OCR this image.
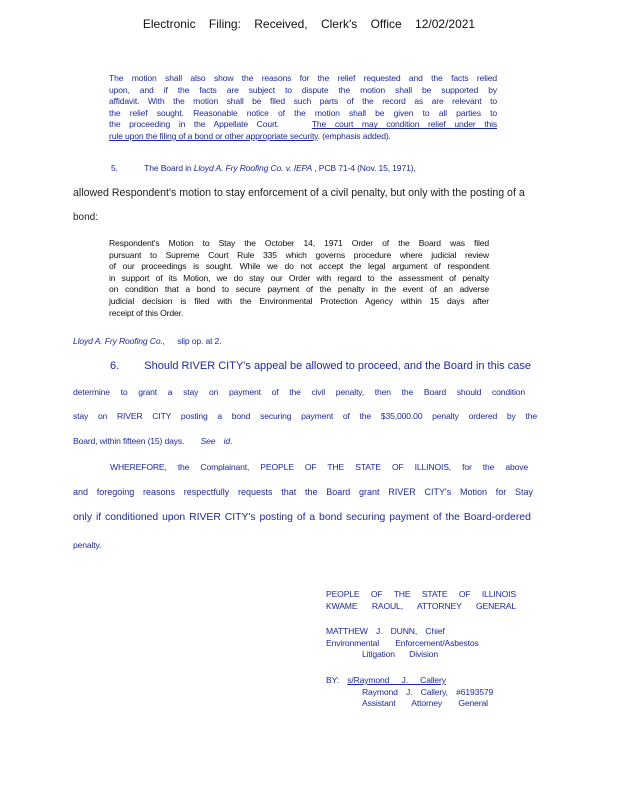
Electronic Filing: Received, Clerk's Office 12/02/2021
The motion shall also show the reasons for the relief requested and the facts relied
upon, and if the facts are subject to dispute the motion shall be supported by
affidavit. With the motion shall be filed such parts of the record as are relevant to
the relief sought. Reasonable notice of the motion shall be given to all parties to
the proceeding in the Appellate Court.	The court may condition relief under this
rule upon the filing of a bond or other appropriate security. (emphasis added).
5.	The Board in Lloyd A. Fry Roofing Co. v. IEPA , PCB 71-4 (Nov. 15, 1971),
allowed Respondent's motion to stay enforcement of a civil penalty, but only with the posting of a
bond:
Respondent's Motion to Stay the October 14, 1971 Order of the Board was filed
pursuant to Supreme Court Rule 335 which governs procedure where judicial review
of our proceedings is sought. While we do not accept the legal argument of respondent
in support of its Motion, we do stay our Order with regard to the assessment of penalty
on condition that a bond to secure payment of the penalty in the event of an adverse
judicial decision is filed with the Environmental Protection Agency within 15 days after
receipt of this Order.
Lloyd A. Fry Roofing Co., slip op. at 2.
6. Should RIVER CITY's appeal be allowed to proceed, and the Board in this case
determine to grant a stay on payment of the civil penalty, then the Board should condition
stay on RIVER CITY posting a bond securing payment of the $35,000.00 penalty ordered by the
Board, within fifteen (15) days. See id.
WHEREFORE, the Complainant, PEOPLE OF THE STATE OF ILLINOIS, for the above
and foregoing reasons respectfully requests that the Board grant RIVER CITY's Motion for Stay
only if conditioned upon RIVER CITY's posting of a bond securing payment of the Board-ordered
penalty.
PEOPLE OF THE STATE OF ILLINOIS
KWAME RAOUL, ATTORNEY GENERAL
MATTHEW J. DUNN, Chief
Environmental Enforcement/Asbestos
Litigation Division
BY: s/Raymond J. Callery
Raymond J. Callery, #6193579
Assistant Attorney General
